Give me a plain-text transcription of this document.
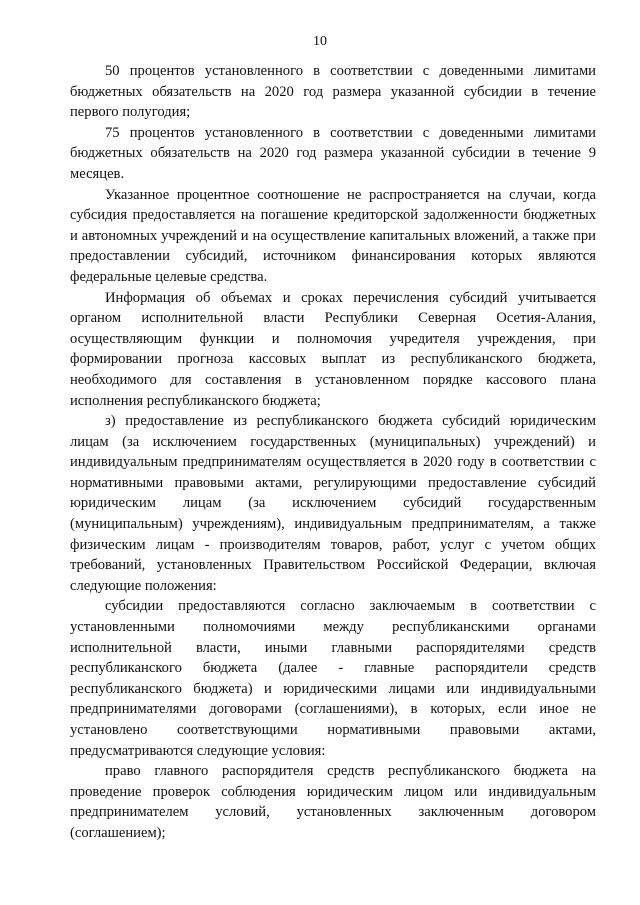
10

50 процентов установленного в соответствии с доведенными лимитами бюджетных обязательств на 2020 год размера указанной субсидии в течение первого полугодия;

75 процентов установленного в соответствии с доведенными лимитами бюджетных обязательств на 2020 год размера указанной субсидии в течение 9 месяцев.

Указанное процентное соотношение не распространяется на случаи, когда субсидия предоставляется на погашение кредиторской задолженности бюджетных и автономных учреждений и на осуществление капитальных вложений, а также при предоставлении субсидий, источником финансирования которых являются федеральные целевые средства.

Информация об объемах и сроках перечисления субсидий учитывается органом исполнительной власти Республики Северная Осетия-Алания, осуществляющим функции и полномочия учредителя учреждения, при формировании прогноза кассовых выплат из республиканского бюджета, необходимого для составления в установленном порядке кассового плана исполнения республиканского бюджета;

з) предоставление из республиканского бюджета субсидий юридическим лицам (за исключением государственных (муниципальных) учреждений) и индивидуальным предпринимателям осуществляется в 2020 году в соответствии с нормативными правовыми актами, регулирующими предоставление субсидий юридическим лицам (за исключением субсидий государственным (муниципальным) учреждениям), индивидуальным предпринимателям, а также физическим лицам - производителям товаров, работ, услуг с учетом общих требований, установленных Правительством Российской Федерации, включая следующие положения:

субсидии предоставляются согласно заключаемым в соответствии с установленными полномочиями между республиканскими органами исполнительной власти, иными главными распорядителями средств республиканского бюджета (далее - главные распорядители средств республиканского бюджета) и юридическими лицами или индивидуальными предпринимателями договорами (соглашениями), в которых, если иное не установлено соответствующими нормативными правовыми актами, предусматриваются следующие условия:

право главного распорядителя средств республиканского бюджета на проведение проверок соблюдения юридическим лицом или индивидуальным предпринимателем условий, установленных заключенным договором (соглашением);
